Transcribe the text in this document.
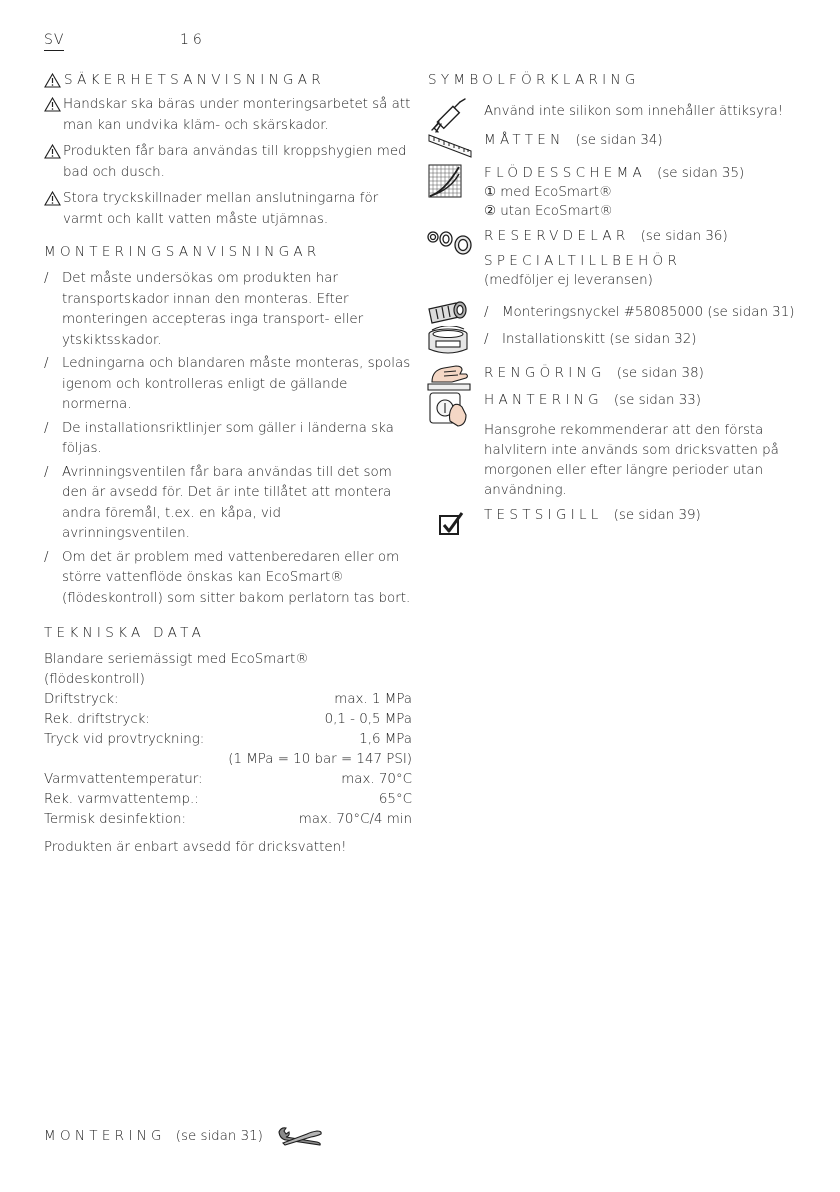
SV	16
SÄKERHETSANVISNINGAR
Handskar ska bäras under monteringsarbetet så att man kan undvika kläm- och skärskador.
Produkten får bara användas till kroppshygien med bad och dusch.
Stora tryckskillnader mellan anslutningarna för varmt och kallt vatten måste utjämnas.
MONTERINGSANVISNINGAR
/	Det måste undersökas om produkten har transportskador innan den monteras. Efter monteringen accepteras inga transport- eller ytskiktsskador.
/	Ledningarna och blandaren måste monteras, spolas igenom och kontrolleras enligt de gällande normerna.
/	De installationsriktlinjer som gäller i länderna ska följas.
/	Avrinningsventilen får bara användas till det som den är avsedd för. Det är inte tillåtet att montera andra föremål, t.ex. en kåpa, vid avrinningsventilen.
/	Om det är problem med vattenberedaren eller om större vattenflöde önskas kan EcoSmart® (flödeskontroll) som sitter bakom perlatorn tas bort.
TEKNISKA DATA
Blandare seriemässigt med EcoSmart® (flödeskontroll)
Driftstryck:	max. 1 MPa
Rek. driftstryck:	0,1 - 0,5 MPa
Tryck vid provtryckning:	1,6 MPa
(1 MPa = 10 bar = 147 PSI)
Varmvattentemperatur:	max. 70°C
Rek. varmvattentemp.:	65°C
Termisk desinfektion:	max. 70°C/4 min
Produkten är enbart avsedd för dricksvatten!
SYMBOLFÖRKLARING
Använd inte silikon som innehåller ättiksyra!
MÅTTEN (se sidan 34)
FLÖDESSCHEMA (se sidan 35)
① med EcoSmart®
② utan EcoSmart®
RESERVDELAR (se sidan 36)
SPECIALTILLBEHÖR
(medföljer ej leveransen)
/	Monteringsnyckel #58085000 (se sidan 31)
/	Installationskitt (se sidan 32)
RENGÖRING (se sidan 38)
HANTERING (se sidan 33)
Hansgrohe rekommenderar att den första halvlitern inte används som dricksvatten på morgonen eller efter längre perioder utan användning.
TESTSIGILL (se sidan 39)
MONTERING (se sidan 31)
